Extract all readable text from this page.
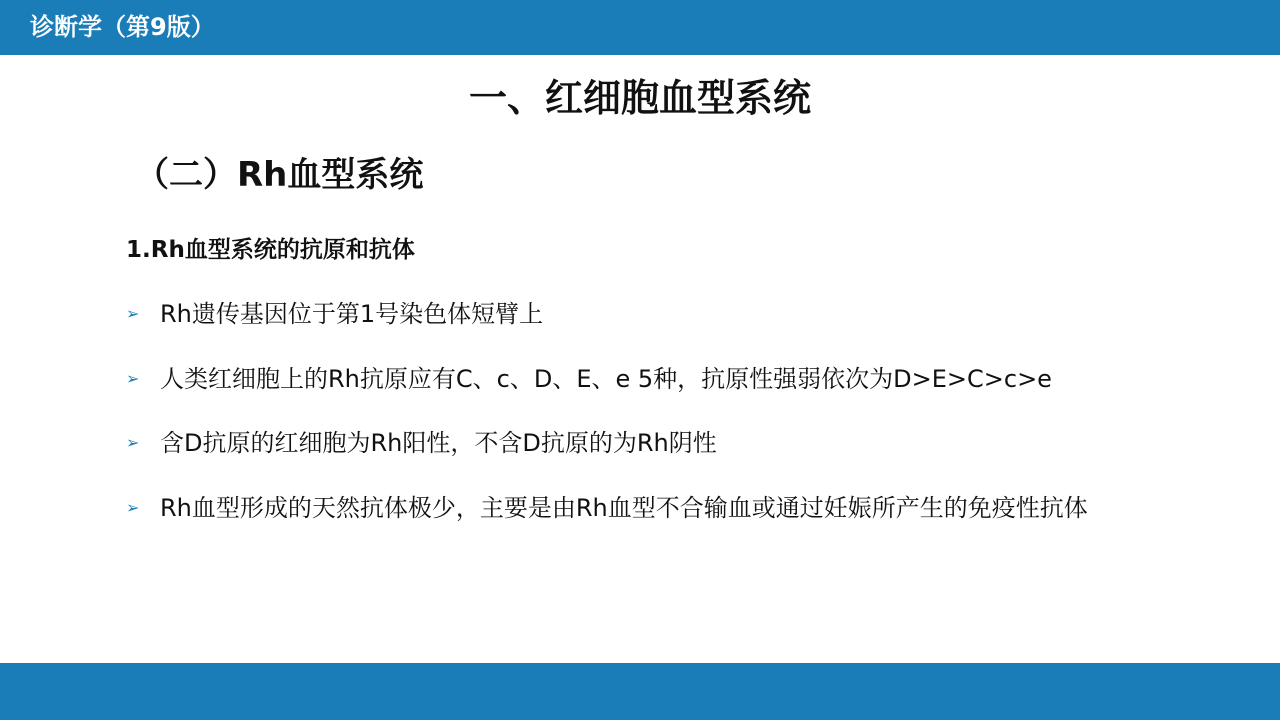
诊断学（第9版）
一、红细胞血型系统
（二）Rh血型系统
1.Rh血型系统的抗原和抗体
➢ Rh遗传基因位于第1号染色体短臂上
➢ 人类红细胞上的Rh抗原应有C、c、D、E、e 5种，抗原性强弱依次为D>E>C>c>e
➢ 含D抗原的红细胞为Rh阳性，不含D抗原的为Rh阴性
➢ Rh血型形成的天然抗体极少，主要是由Rh血型不合输血或通过妊娠所产生的免疫性抗体
